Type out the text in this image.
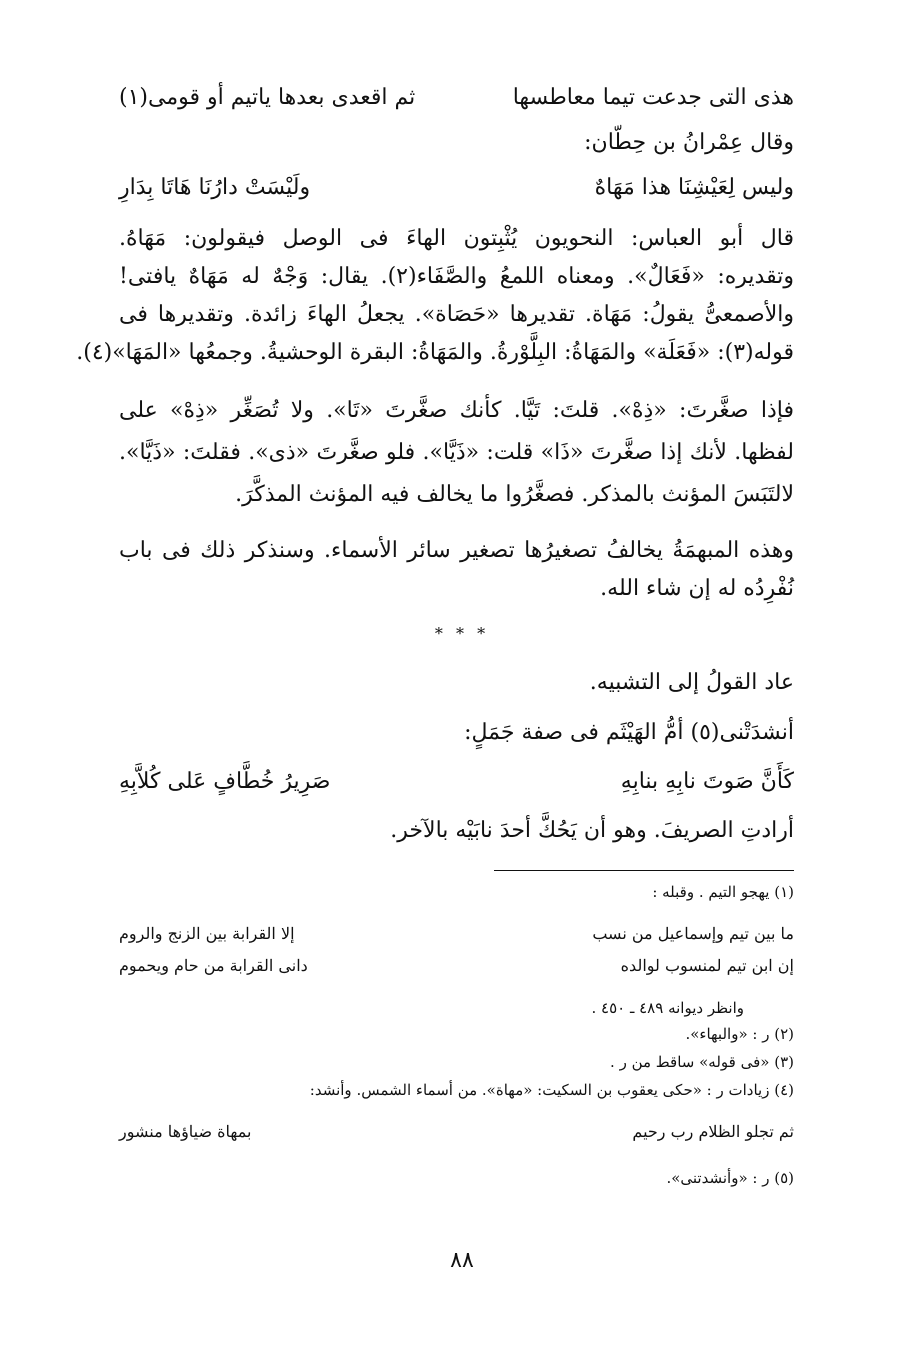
هذى التى جدعت تيما معاطسها
ثم اقعدى بعدها ياتيم أو قومى(١)
وقال عِمْرانُ بن حِطّان:
وليس لِعَيْشِنَا هذا مَهَاهٌ
ولَيْسَتْ دارُنَا هَاتَا بِدَارِ
قال أبو العباس: النحويون يُثْبِتون الهاءَ فى الوصل فيقولون: مَهَاهُ.
وتقديره: «فَعَالٌ». ومعناه اللمعُ والصَّفَاء(٢). يقال: وَجْهٌ له مَهَاهٌ يافتى!
والأصمعىُّ يقولُ: مَهَاة. تقديرها «حَصَاة». يجعلُ الهاءَ زائدة. وتقديرها فى
قوله(٣): «فَعَلَة» والمَهَاةُ: البِلَّوْرةُ. والمَهَاةُ: البقرة الوحشيةُ. وجمعُها «المَهَا»(٤).
فإذا صغَّرتَ: «ذِهْ». قلتَ: تَيَّا. كأنك صغَّرتَ «تَا». ولا تُصَغِّر «ذِهْ» على
لفظها. لأنك إذا صغَّرتَ «ذَا» قلت: «ذَيَّا». فلو صغَّرتَ «ذى». فقلتَ: «ذَيَّا».
لالتَبَسَ المؤنث بالمذكر. فصغَّرُوا ما يخالف فيه المؤنث المذكَّرَ.
وهذه المبهمَةُ يخالفُ تصغيرُها تصغير سائر الأسماء. وسنذكر ذلك فى باب
نُفْرِدُه له إن شاء الله.
* * *
عاد القولُ إلى التشبيه.
أنشدَتْنى(٥) أمُّ الهَيْثَم فى صفة جَمَلٍ:
كَأَنَّ صَوتَ نابِهِ بنابِهِ
صَرِيرُ خُطَّافٍ عَلى كُلاَّبِهِ
أرادتِ الصريفَ. وهو أن يَحُكَّ أحدَ نابَيْه بالآخر.
(١) يهجو التيم . وقبله :
ما بين تيم وإسماعيل من نسب
إلا القرابة بين الزنج والروم
إن ابن تيم لمنسوب لوالده
دانى القرابة من حام ويحموم
وانظر ديوانه ٤٨٩ ـ ٤٥٠ .
(٢) ر : «والبهاء».
(٣) «فى قوله» ساقط من ر .
(٤) زيادات ر : «حكى يعقوب بن السكيت: «مهاة». من أسماء الشمس. وأنشد:
ثم تجلو الظلام رب رحيم
بمهاة ضياؤها منشور
(٥) ر : «وأنشدتنى».
٨٨
